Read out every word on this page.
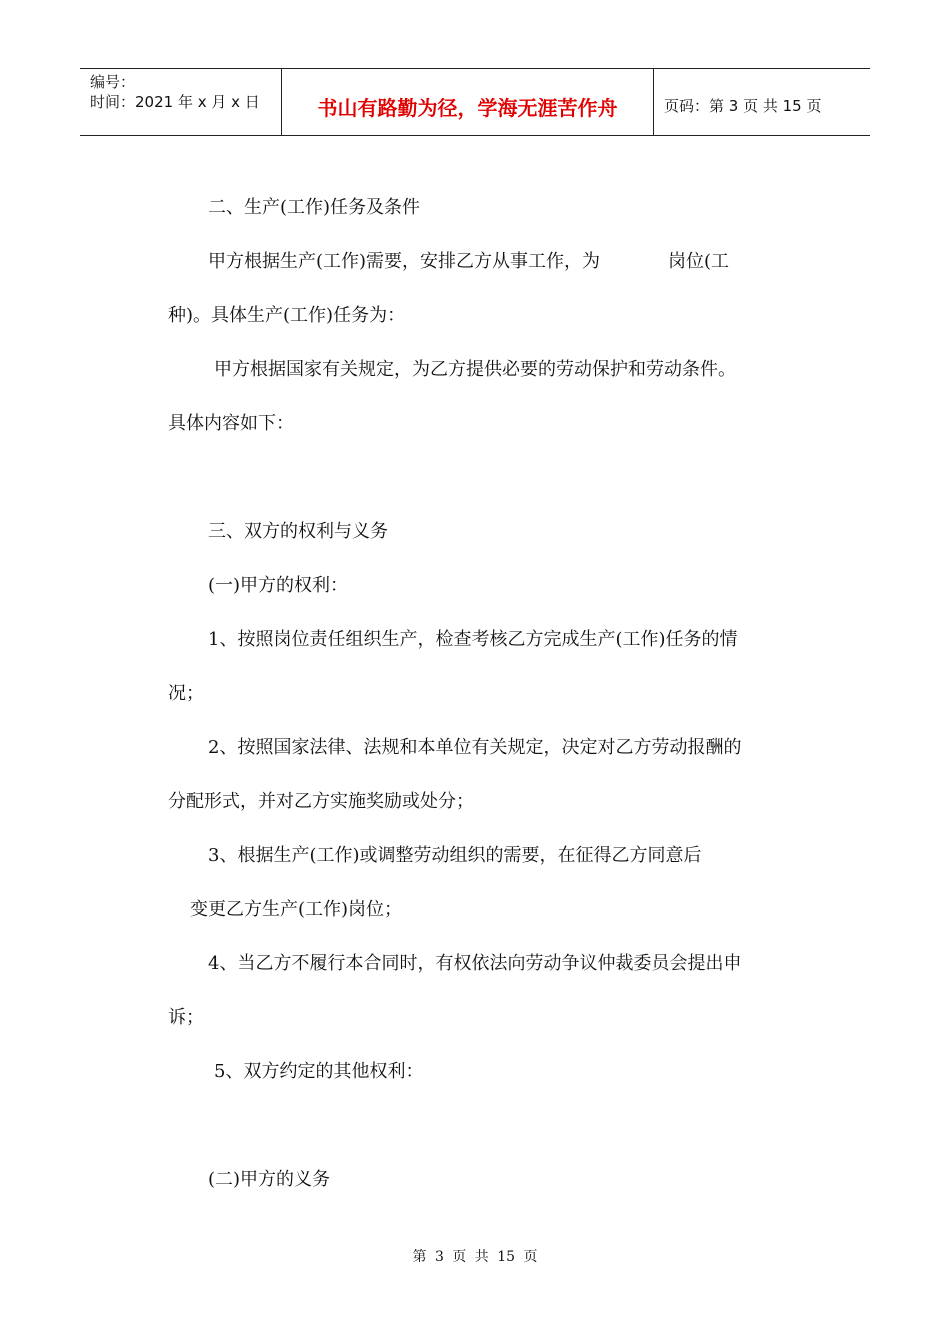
编号：
时间：2021 年 x 月 x 日	书山有路勤为径，学海无涯苦作舟	页码：第 3 页 共 15 页
二、生产(工作)任务及条件
甲方根据生产(工作)需要，安排乙方从事工作，为	岗位(工
种)。具体生产(工作)任务为：
甲方根据国家有关规定，为乙方提供必要的劳动保护和劳动条件。
具体内容如下：
三、双方的权利与义务
(一)甲方的权利：
1、按照岗位责任组织生产，检查考核乙方完成生产(工作)任务的情
况；
2、按照国家法律、法规和本单位有关规定，决定对乙方劳动报酬的
分配形式，并对乙方实施奖励或处分；
3、根据生产(工作)或调整劳动组织的需要，在征得乙方同意后
变更乙方生产(工作)岗位；
4、当乙方不履行本合同时，有权依法向劳动争议仲裁委员会提出申
诉；
5、双方约定的其他权利：
(二)甲方的义务
第 3 页 共 15 页
